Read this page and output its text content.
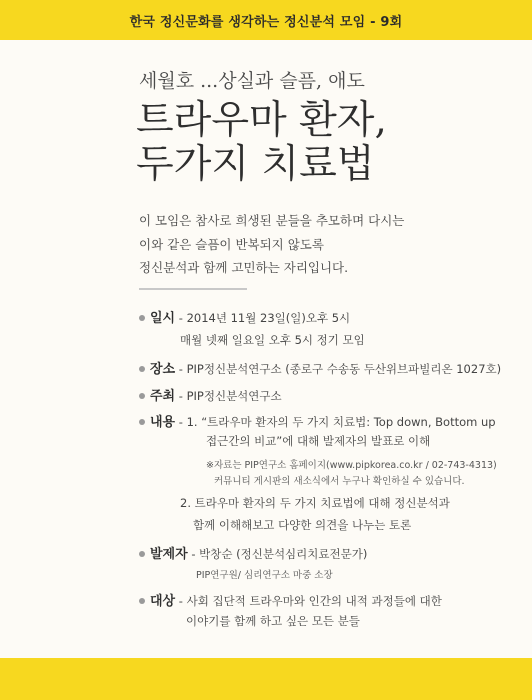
한국 정신문화를 생각하는 정신분석 모임 - 9회
세월호 ...상실과 슬픔, 애도
트라우마 환자,
두가지 치료법
이 모임은 참사로 희생된 분들을 추모하며 다시는
이와 같은 슬픔이 반복되지 않도록
정신분석과 함께 고민하는 자리입니다.
일시 - 2014년 11월 23일(일)오후 5시
매월 넷째 일요일 오후 5시 정기 모임
장소 - PIP정신분석연구소 (종로구 수송동 두산위브파빌리온 1027호)
주최 - PIP정신분석연구소
내용 - 1. “트라우마 환자의 두 가지 치료법: Top down, Bottom up
접근간의 비교”에 대해 발제자의 발표로 이해
※자료는 PIP연구소 홈페이지(www.pipkorea.co.kr / 02-743-4313)
커뮤니티 게시판의 새소식에서 누구나 확인하실 수 있습니다.
2. 트라우마 환자의 두 가지 치료법에 대해 정신분석과
함께 이해해보고 다양한 의견을 나누는 토론
발제자 - 박창순 (정신분석심리치료전문가)
PIP연구원/ 심리연구소 마중 소장
대상 - 사회 집단적 트라우마와 인간의 내적 과정들에 대한
이야기를 함께 하고 싶은 모든 분들
